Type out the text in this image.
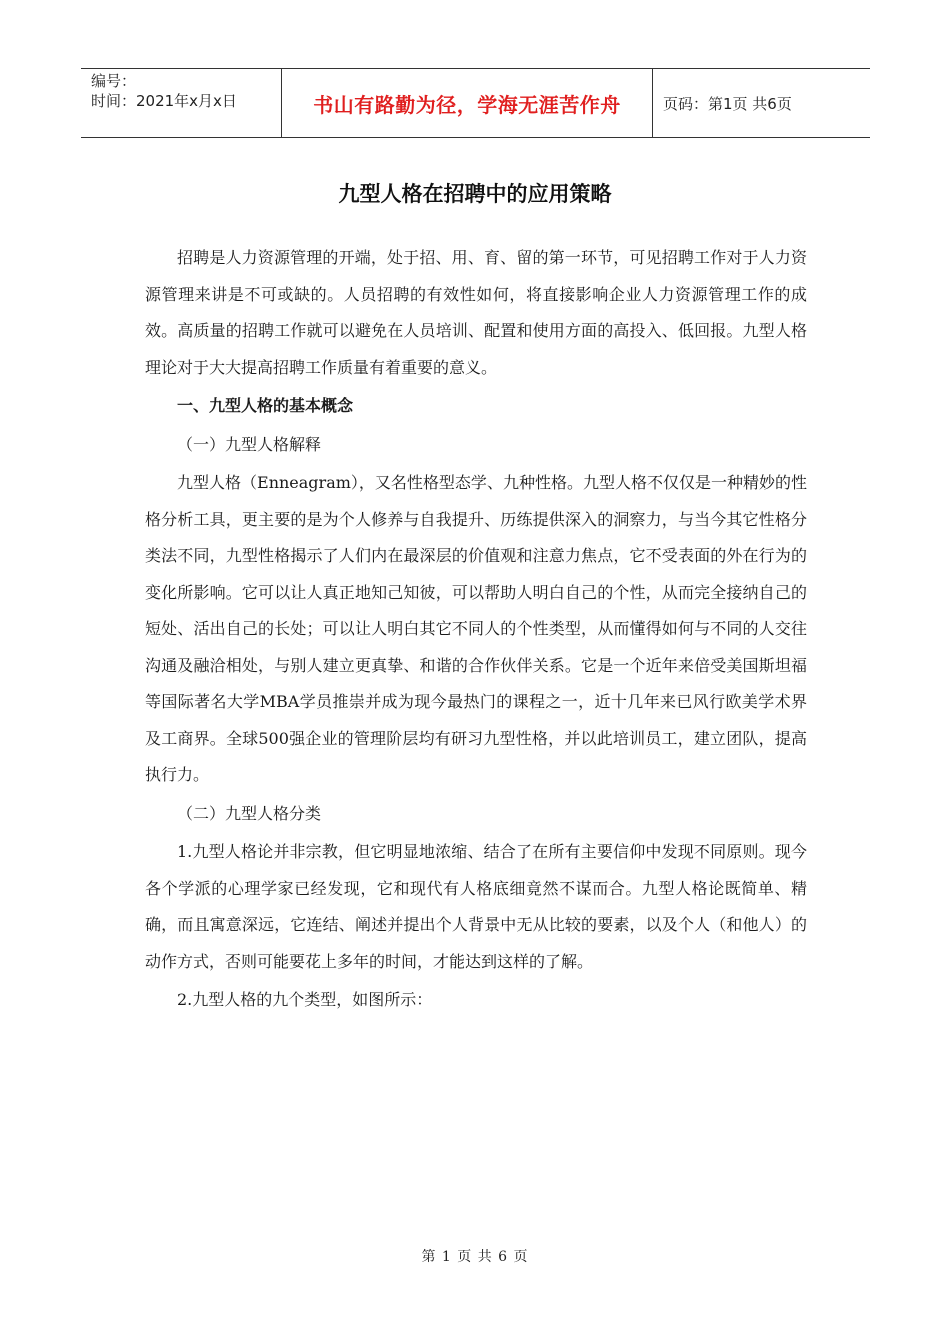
编号：
时间：2021年x月x日	书山有路勤为径，学海无涯苦作舟	页码：第1页 共6页
九型人格在招聘中的应用策略

招聘是人力资源管理的开端，处于招、用、育、留的第一环节，可见招聘工作对于人力资源管理来讲是不可或缺的。人员招聘的有效性如何，将直接影响企业人力资源管理工作的成效。高质量的招聘工作就可以避免在人员培训、配置和使用方面的高投入、低回报。九型人格理论对于大大提高招聘工作质量有着重要的意义。

一、九型人格的基本概念

（一）九型人格解释

九型人格（Enneagram），又名性格型态学、九种性格。九型人格不仅仅是一种精妙的性格分析工具，更主要的是为个人修养与自我提升、历练提供深入的洞察力，与当今其它性格分类法不同，九型性格揭示了人们内在最深层的价值观和注意力焦点，它不受表面的外在行为的变化所影响。它可以让人真正地知己知彼，可以帮助人明白自己的个性，从而完全接纳自己的短处、活出自己的长处；可以让人明白其它不同人的个性类型，从而懂得如何与不同的人交往沟通及融洽相处，与别人建立更真挚、和谐的合作伙伴关系。它是一个近年来倍受美国斯坦福等国际著名大学MBA学员推崇并成为现今最热门的课程之一，近十几年来已风行欧美学术界及工商界。全球500强企业的管理阶层均有研习九型性格，并以此培训员工，建立团队，提高执行力。

（二）九型人格分类

1.九型人格论并非宗教，但它明显地浓缩、结合了在所有主要信仰中发现不同原则。现今各个学派的心理学家已经发现，它和现代有人格底细竟然不谋而合。九型人格论既简单、精确，而且寓意深远，它连结、阐述并提出个人背景中无从比较的要素，以及个人（和他人）的动作方式，否则可能要花上多年的时间，才能达到这样的了解。

2.九型人格的九个类型，如图所示：

第 1 页 共 6 页
